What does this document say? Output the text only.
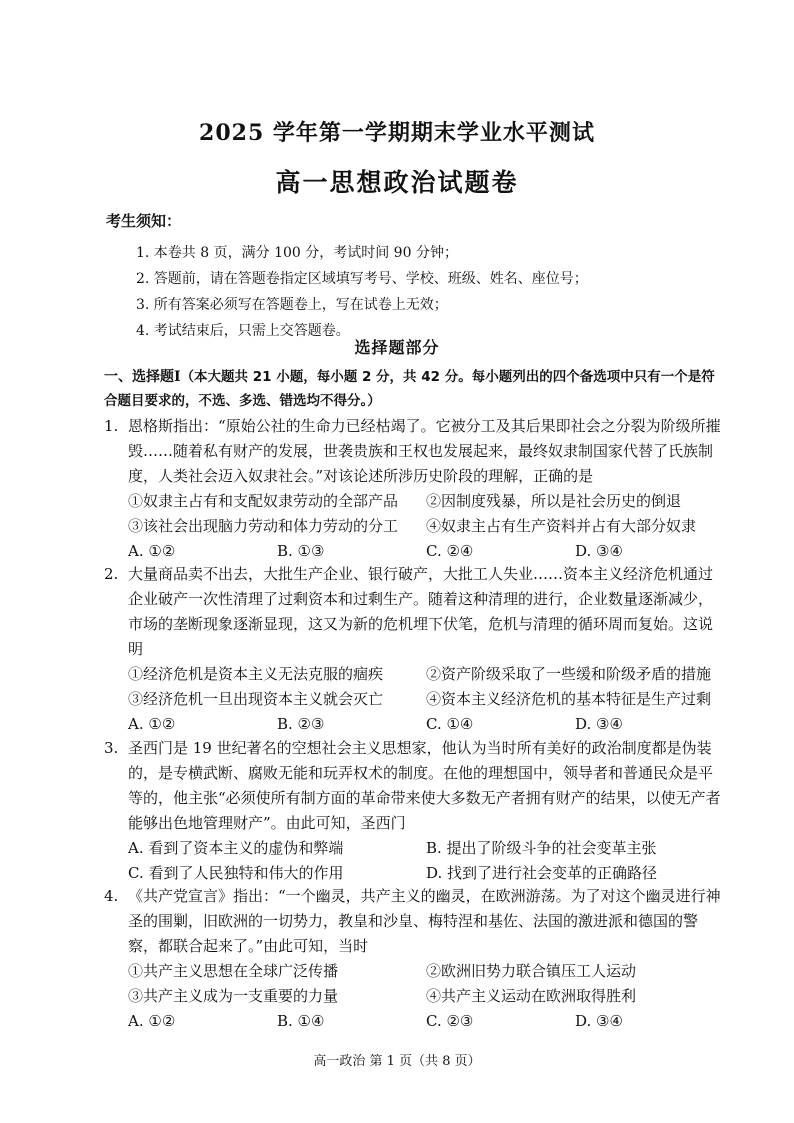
2025 学年第一学期期末学业水平测试
高一思想政治试题卷
考生须知：
1. 本卷共 8 页，满分 100 分，考试时间 90 分钟；
2. 答题前，请在答题卷指定区域填写考号、学校、班级、姓名、座位号；
3. 所有答案必须写在答题卷上，写在试卷上无效；
4. 考试结束后，只需上交答题卷。
选择题部分
一、选择题Ⅰ（本大题共 21 小题，每小题 2 分，共 42 分。每小题列出的四个备选项中只有一个是符合题目要求的，不选、多选、错选均不得分。）
1. 恩格斯指出：“原始公社的生命力已经枯竭了。它被分工及其后果即社会之分裂为阶级所摧毁……随着私有财产的发展，世袭贵族和王权也发展起来，最终奴隶制国家代替了氏族制度，人类社会迈入奴隶社会。”对该论述所涉历史阶段的理解，正确的是
①奴隶主占有和支配奴隶劳动的全部产品	②因制度残暴，所以是社会历史的倒退
③该社会出现脑力劳动和体力劳动的分工	④奴隶主占有生产资料并占有大部分奴隶
A. ①②	B. ①③	C. ②④	D. ③④
2. 大量商品卖不出去，大批生产企业、银行破产，大批工人失业……资本主义经济危机通过企业破产一次性清理了过剩资本和过剩生产。随着这种清理的进行，企业数量逐渐减少，市场的垄断现象逐渐显现，这又为新的危机埋下伏笔，危机与清理的循环周而复始。这说明
①经济危机是资本主义无法克服的痼疾	②资产阶级采取了一些缓和阶级矛盾的措施
③经济危机一旦出现资本主义就会灭亡	④资本主义经济危机的基本特征是生产过剩
A. ①②	B. ②③	C. ①④	D. ③④
3. 圣西门是 19 世纪著名的空想社会主义思想家，他认为当时所有美好的政治制度都是伪装的，是专横武断、腐败无能和玩弄权术的制度。在他的理想国中，领导者和普通民众是平等的，他主张“必须使所有制方面的革命带来使大多数无产者拥有财产的结果，以使无产者能够出色地管理财产”。由此可知，圣西门
A. 看到了资本主义的虚伪和弊端	B. 提出了阶级斗争的社会变革主张
C. 看到了人民独特和伟大的作用	D. 找到了进行社会变革的正确路径
4. 《共产党宣言》指出：“一个幽灵，共产主义的幽灵，在欧洲游荡。为了对这个幽灵进行神圣的围剿，旧欧洲的一切势力，教皇和沙皇、梅特涅和基佐、法国的激进派和德国的警察，都联合起来了。”由此可知，当时
①共产主义思想在全球广泛传播	②欧洲旧势力联合镇压工人运动
③共产主义成为一支重要的力量	④共产主义运动在欧洲取得胜利
A. ①②	B. ①④	C. ②③	D. ③④
高一政治 第 1 页（共 8 页）
